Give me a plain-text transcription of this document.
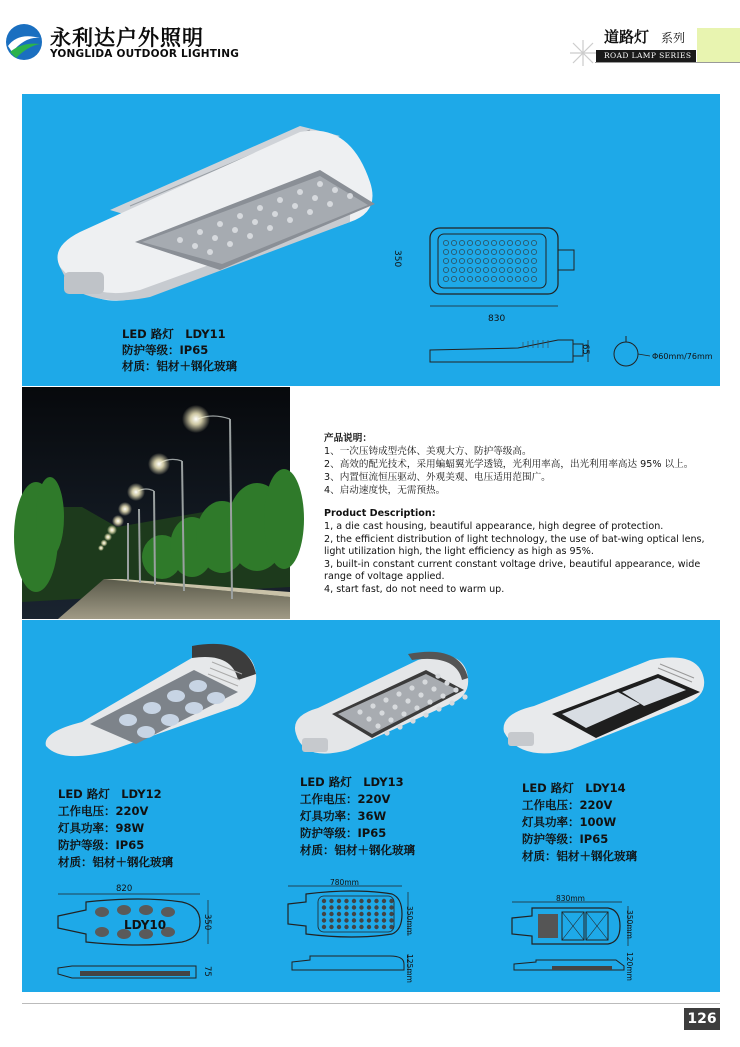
永利达户外照明
YONGLIDA OUTDOOR LIGHTING
道路灯 系列
ROAD LAMP SERIES
350
830
65
Φ60mm/76mm
LED 路灯　LDY11
防护等级：IP65
材质：铝材＋钢化玻璃
产品说明：
1、一次压铸成型壳体、美观大方、防护等级高。
2、高效的配光技术，采用蝙蝠翼光学透镜，光利用率高，出光利用率高达 95% 以上。
3、内置恒流恒压驱动、外观美观、电压适用范围广。
4、启动速度快，无需预热。
Product Description:
1, a die cast housing, beautiful appearance, high degree of protection.
2, the efficient distribution of light technology, the use of bat-wing optical lens,
light utilization high, the light efficiency as high as 95%.
3, built-in constant current constant voltage drive, beautiful appearance, wide
range of voltage applied.
4, start fast, do not need to warm up.
LED 路灯　LDY12
工作电压：220V
灯具功率：98W
防护等级：IP65
材质：铝材＋钢化玻璃
LED 路灯　LDY13
工作电压：220V
灯具功率：36W
防护等级：IP65
材质：铝材＋钢化玻璃
LED 路灯　LDY14
工作电压：220V
灯具功率：100W
防护等级：IP65
材质：铝材＋钢化玻璃
820
LDY10	350
75
780mm
350mm
125mm
830mm
350mm
120mm
126
